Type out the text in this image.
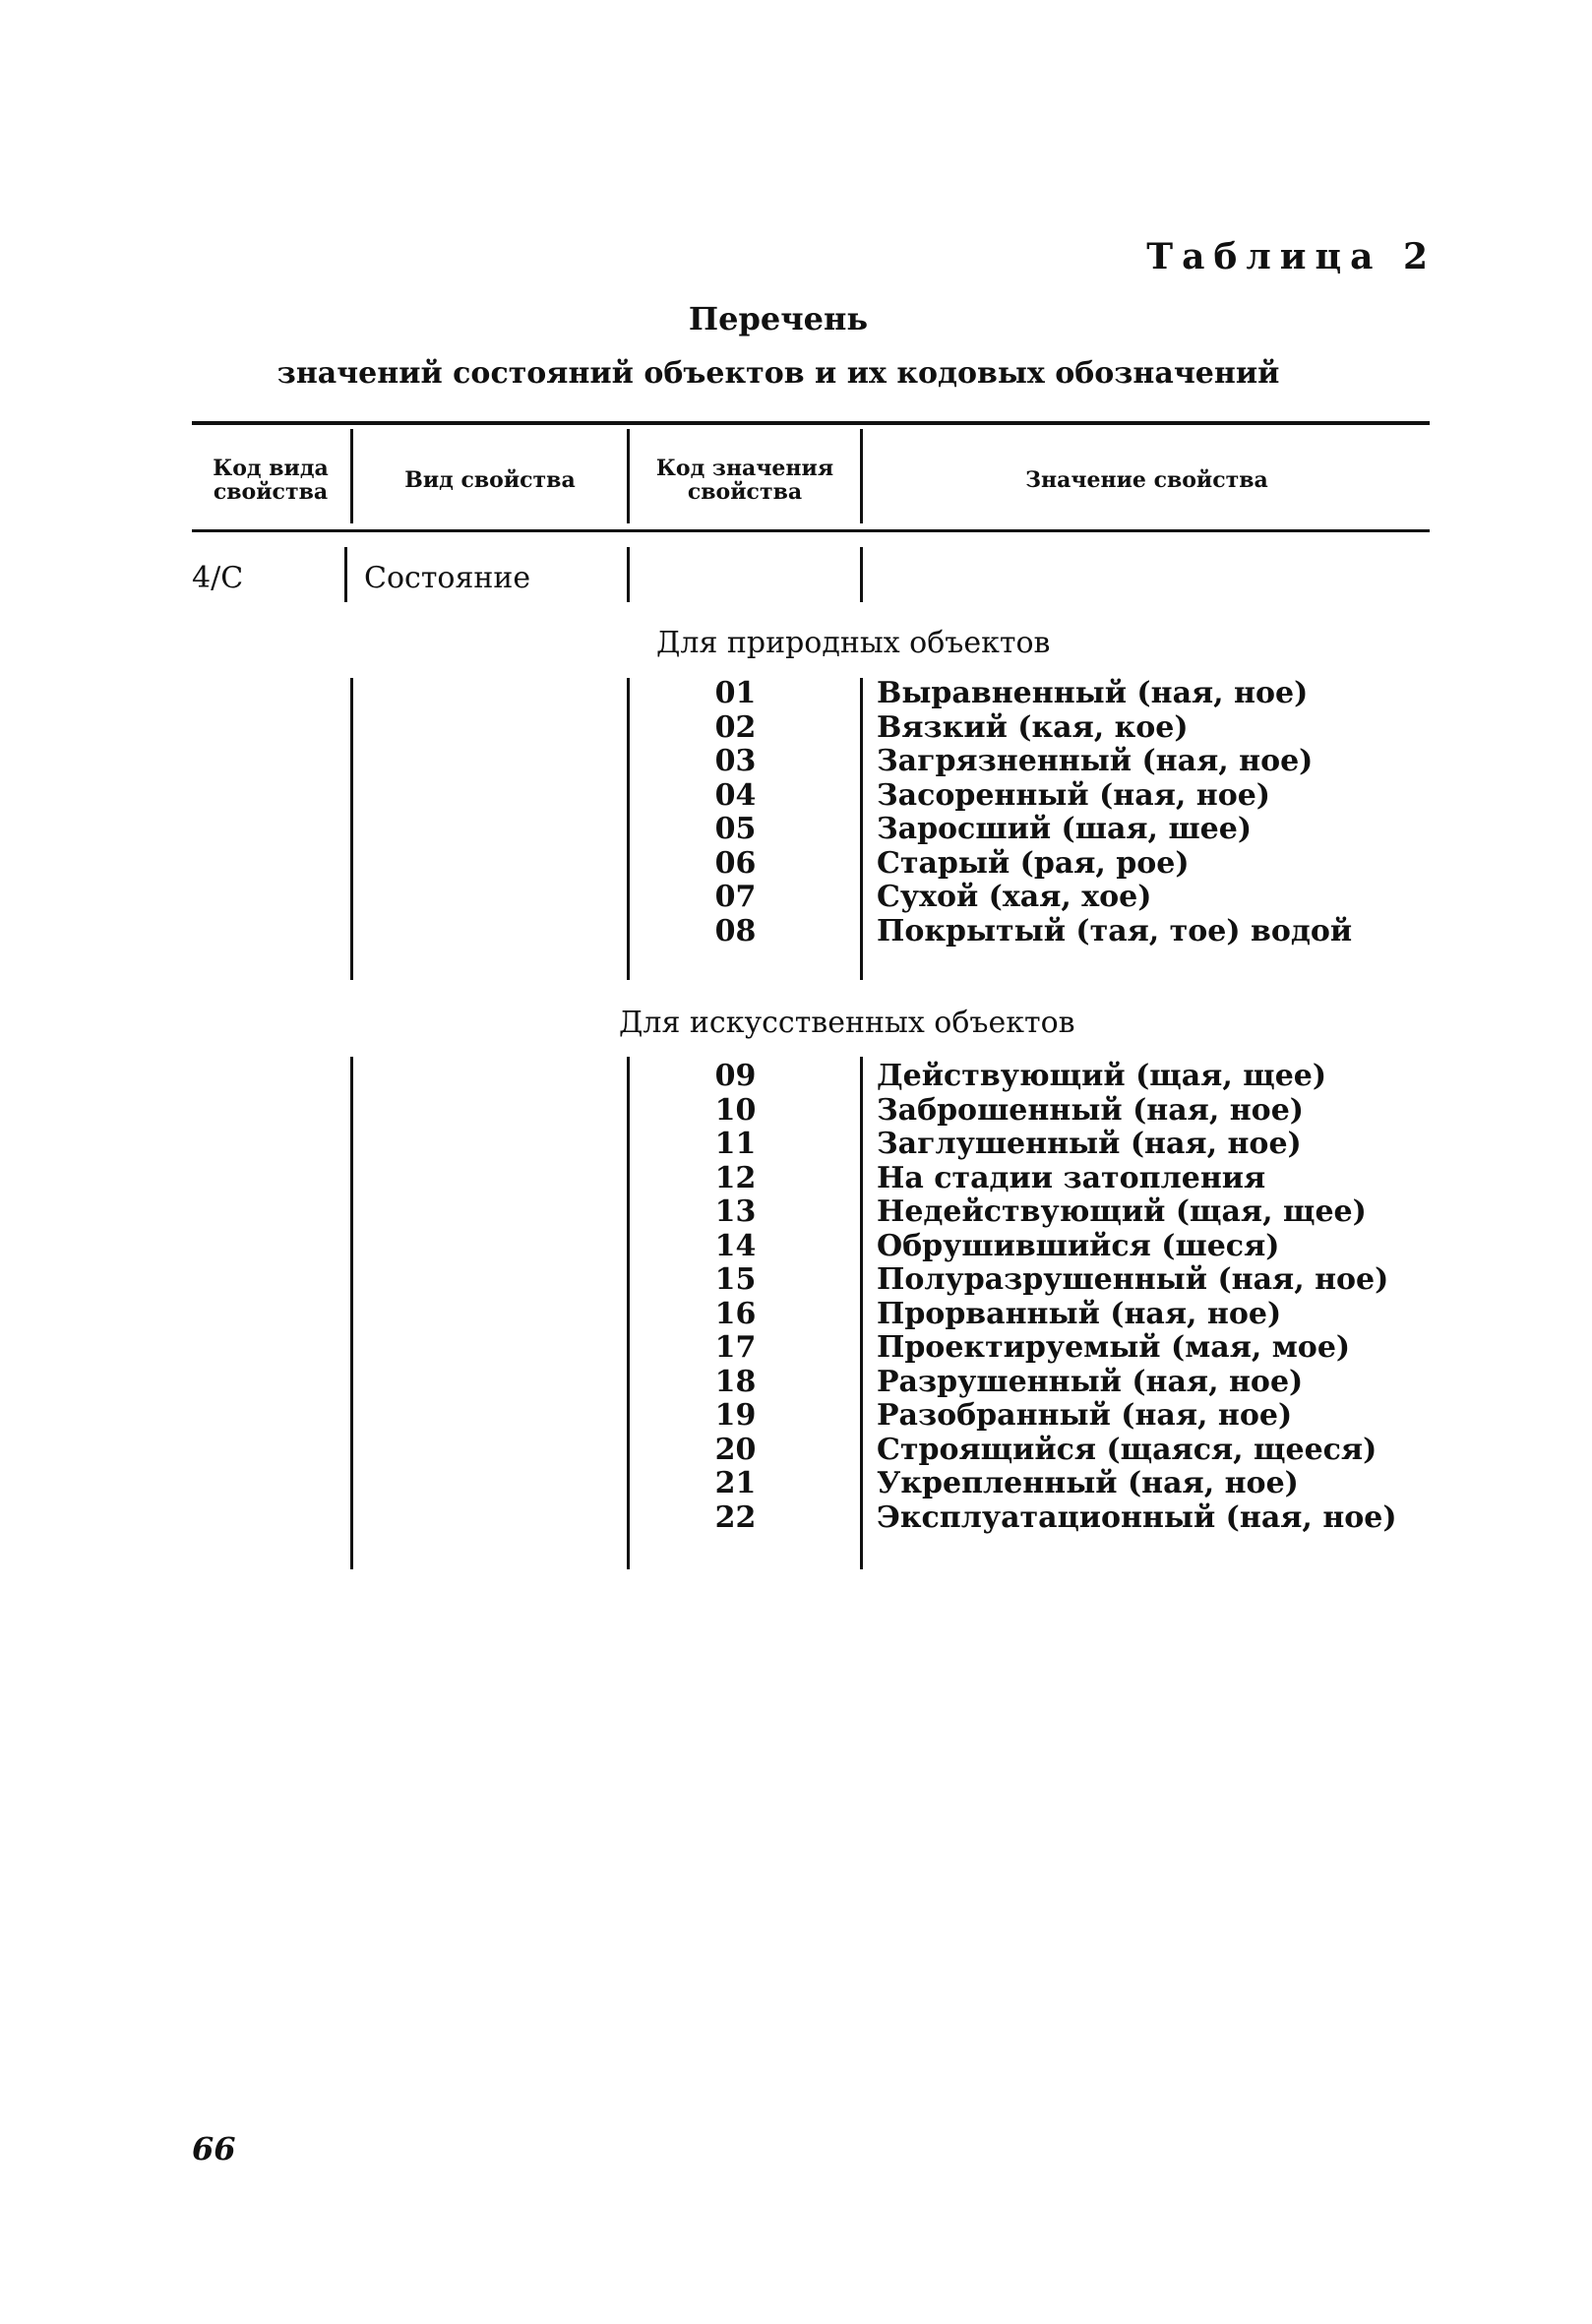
Таблица 2
Перечень
значений состояний объектов и их кодовых обозначений
Код вида свойства	Вид свойства	Код значения свойства	Значение свойства
4/С	Состояние
Для природных объектов
01	Выравненный (ная, ное)
02	Вязкий (кая, кое)
03	Загрязненный (ная, ное)
04	Засоренный (ная, ное)
05	Заросший (шая, шее)
06	Старый (рая, рое)
07	Сухой (хая, хое)
08	Покрытый (тая, тое) водой
Для искусственных объектов
09	Действующий (щая, щее)
10	Заброшенный (ная, ное)
11	Заглушенный (ная, ное)
12	На стадии затопления
13	Недействующий (щая, щее)
14	Обрушившийся (шеся)
15	Полуразрушенный (ная, ное)
16	Прорванный (ная, ное)
17	Проектируемый (мая, мое)
18	Разрушенный (ная, ное)
19	Разобранный (ная, ное)
20	Строящийся (щаяся, щееся)
21	Укрепленный (ная, ное)
22	Эксплуатационный (ная, ное)
66
